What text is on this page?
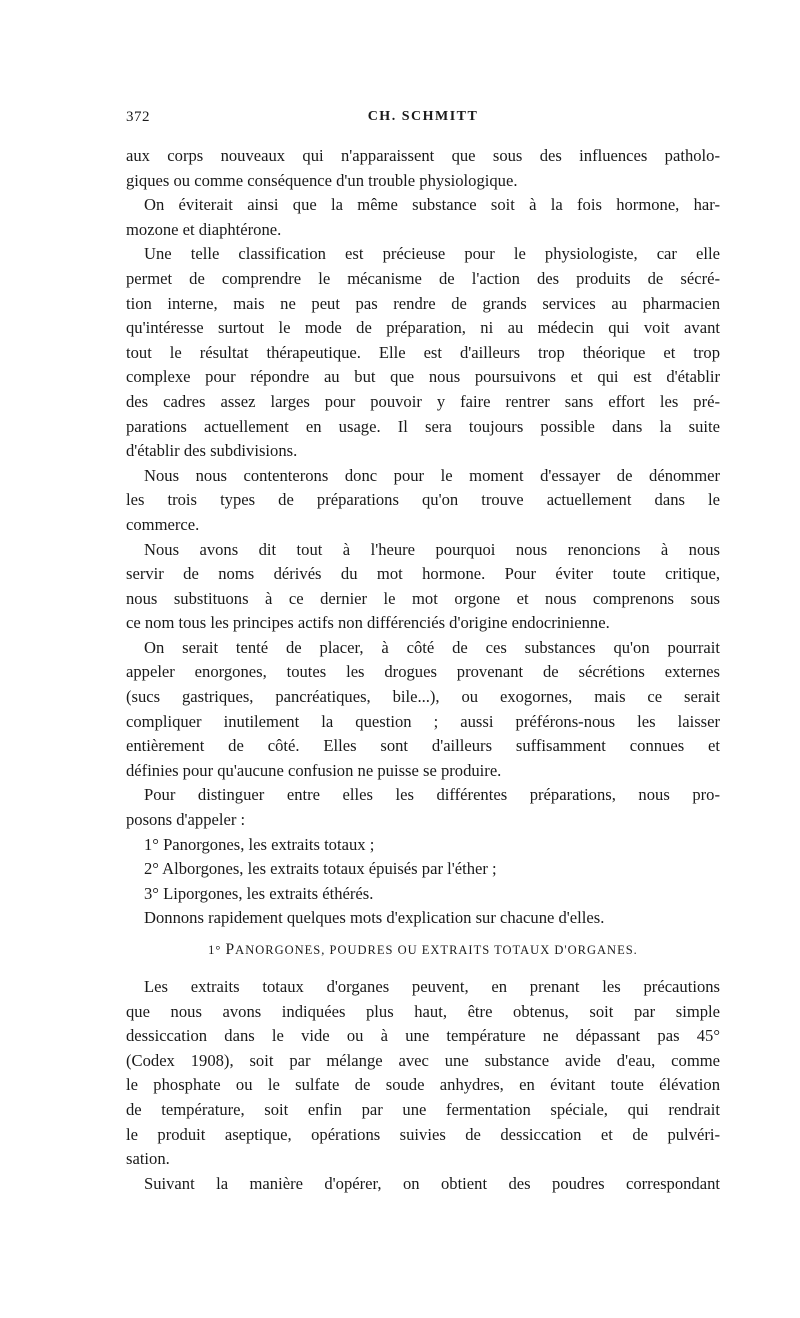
372	CH. SCHMITT
aux corps nouveaux qui n'apparaissent que sous des influences patholo-
giques ou comme conséquence d'un trouble physiologique.
On éviterait ainsi que la même substance soit à la fois hormone, har-
mozone et diaphtérone.
Une telle classification est précieuse pour le physiologiste, car elle
permet de comprendre le mécanisme de l'action des produits de sécré-
tion interne, mais ne peut pas rendre de grands services au pharmacien
qu'intéresse surtout le mode de préparation, ni au médecin qui voit avant
tout le résultat thérapeutique. Elle est d'ailleurs trop théorique et trop
complexe pour répondre au but que nous poursuivons et qui est d'établir
des cadres assez larges pour pouvoir y faire rentrer sans effort les pré-
parations actuellement en usage. Il sera toujours possible dans la suite
d'établir des subdivisions.
Nous nous contenterons donc pour le moment d'essayer de dénommer
les trois types de préparations qu'on trouve actuellement dans le
commerce.
Nous avons dit tout à l'heure pourquoi nous renoncions à nous
servir de noms dérivés du mot hormone. Pour éviter toute critique,
nous substituons à ce dernier le mot orgone et nous comprenons sous
ce nom tous les principes actifs non différenciés d'origine endocrinienne.
On serait tenté de placer, à côté de ces substances qu'on pourrait
appeler enorgones, toutes les drogues provenant de sécrétions externes
(sucs gastriques, pancréatiques, bile...), ou exogornes, mais ce serait
compliquer inutilement la question ; aussi préférons-nous les laisser
entièrement de côté. Elles sont d'ailleurs suffisamment connues et
définies pour qu'aucune confusion ne puisse se produire.
Pour distinguer entre elles les différentes préparations, nous pro-
posons d'appeler :
1° Panorgones, les extraits totaux ;
2° Alborgones, les extraits totaux épuisés par l'éther ;
3° Liporgones, les extraits éthérés.
Donnons rapidement quelques mots d'explication sur chacune d'elles.
1° PANORGONES, POUDRES OU EXTRAITS TOTAUX D'ORGANES.
Les extraits totaux d'organes peuvent, en prenant les précautions
que nous avons indiquées plus haut, être obtenus, soit par simple
dessiccation dans le vide ou à une température ne dépassant pas 45°
(Codex 1908), soit par mélange avec une substance avide d'eau, comme
le phosphate ou le sulfate de soude anhydres, en évitant toute élévation
de température, soit enfin par une fermentation spéciale, qui rendrait
le produit aseptique, opérations suivies de dessiccation et de pulvéri-
sation.
Suivant la manière d'opérer, on obtient des poudres correspondant
